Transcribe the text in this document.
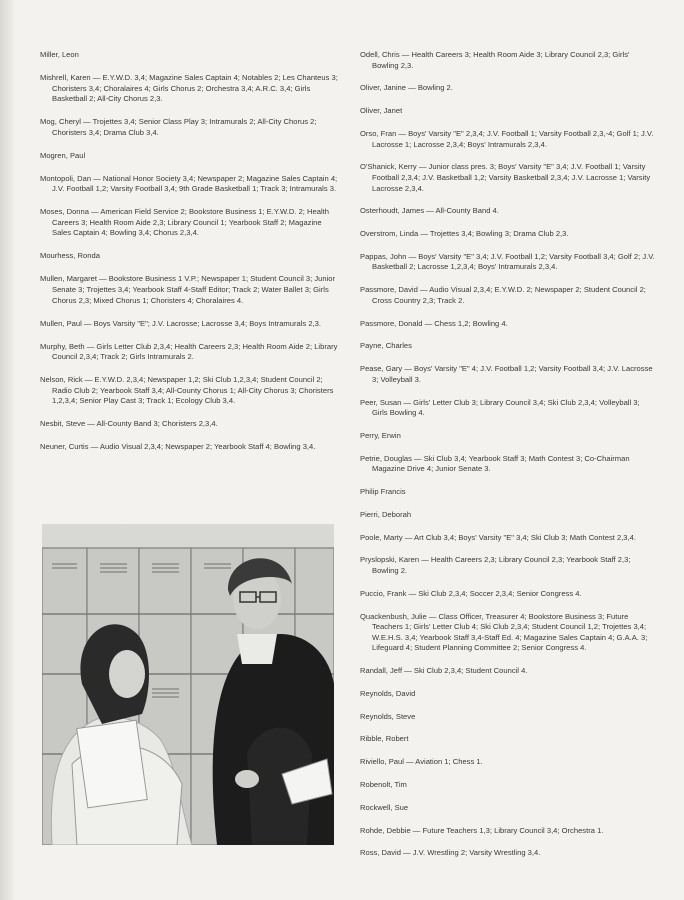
Miller, Leon

Mishrell, Karen — E.Y.W.D. 3,4; Magazine Sales Captain 4; Notables 2; Les Chanteus 3; Choristers 3,4; Choralaires 4; Girls Chorus 2; Orchestra 3,4; A.R.C. 3,4; Girls Basketball 2; All-City Chorus 2,3.

Mog, Cheryl — Trojettes 3,4; Senior Class Play 3; Intramurals 2; All-City Chorus 2; Choristers 3,4; Drama Club 3,4.

Mogren, Paul

Montopoli, Dan — National Honor Society 3,4; Newspaper 2; Magazine Sales Captain 4; J.V. Football 1,2; Varsity Football 3,4; 9th Grade Basketball 1; Track 3; Intramurals 3.

Moses, Donna — American Field Service 2; Bookstore Business 1; E.Y.W.D. 2; Health Careers 3; Health Room Aide 2,3; Library Council 1; Yearbook Staff 2; Magazine Sales Captain 4; Bowling 3,4; Chorus 2,3,4.

Mourhess, Ronda

Mullen, Margaret — Bookstore Business 1 V.P.; Newspaper 1; Student Council 3; Junior Senate 3; Trojettes 3,4; Yearbook Staff 4-Staff Editor; Track 2; Water Ballet 3; Girls Chorus 2,3; Mixed Chorus 1; Choristers 4; Choralaires 4.

Mullen, Paul — Boys Varsity "E"; J.V. Lacrosse; Lacrosse 3,4; Boys Intramurals 2,3.

Murphy, Beth — Girls Letter Club 2,3,4; Health Careers 2,3; Health Room Aide 2; Library Council 2,3,4; Track 2; Girls Intramurals 2.

Nelson, Rick — E.Y.W.D. 2,3,4; Newspaper 1,2; Ski Club 1,2,3,4; Student Council 2; Radio Club 2; Yearbook Staff 3,4; All-County Chorus 1; All-City Chorus 3; Choristers 1,2,3,4; Senior Play Cast 3; Track 1; Ecology Club 3,4.

Nesbit, Steve — All-County Band 3; Choristers 2,3,4.

Neuner, Curtis — Audio Visual 2,3,4; Newspaper 2; Yearbook Staff 4; Bowling 3,4.

Odell, Chris — Health Careers 3; Health Room Aide 3; Library Council 2,3; Girls' Bowling 2,3.

Oliver, Janine — Bowling 2.

Oliver, Janet

Orso, Fran — Boys' Varsity "E" 2,3,4; J.V. Football 1; Varsity Football 2,3,-4; Golf 1; J.V. Lacrosse 1; Lacrosse 2,3,4; Boys' Intramurals 2,3,4.

O'Shanick, Kerry — Junior class pres. 3; Boys' Varsity "E" 3,4; J.V. Football 1; Varsity Football 2,3,4; J.V. Basketball 1,2; Varsity Basketball 2,3,4; J.V. Lacrosse 1; Varsity Lacrosse 2,3,4.

Osterhoudt, James — All-County Band 4.

Overstrom, Linda — Trojettes 3,4; Bowling 3; Drama Club 2,3.

Pappas, John — Boys' Varsity "E" 3,4; J.V. Football 1,2; Varsity Football 3,4; Golf 2; J.V. Basketball 2; Lacrosse 1,2,3,4; Boys' Intramurals 2,3,4.

Passmore, David — Audio Visual 2,3,4; E.Y.W.D. 2; Newspaper 2; Student Council 2; Cross Country 2,3; Track 2.

Passmore, Donald — Chess 1,2; Bowling 4.

Payne, Charles

Pease, Gary — Boys' Varsity "E" 4; J.V. Football 1,2; Varsity Football 3,4; J.V. Lacrosse 3; Volleyball 3.

Peer, Susan — Girls' Letter Club 3; Library Council 3,4; Ski Club 2,3,4; Volleyball 3; Girls Bowling 4.

Perry, Erwin

Petrie, Douglas — Ski Club 3,4; Yearbook Staff 3; Math Contest 3; Co-Chairman Magazine Drive 4; Junior Senate 3.

Philip Francis

Pierri, Deborah

Poole, Marty — Art Club 3,4; Boys' Varsity "E" 3,4; Ski Club 3; Math Contest 2,3,4.

Pryslopski, Karen — Health Careers 2,3; Library Council 2,3; Yearbook Staff 2,3; Bowling 2.

Puccio, Frank — Ski Club 2,3,4; Soccer 2,3,4; Senior Congress 4.

Quackenbush, Julie — Class Officer, Treasurer 4; Bookstore Business 3; Future Teachers 1; Girls' Letter Club 4; Ski Club 2,3,4; Student Council 1,2; Trojettes 3,4; W.E.H.S. 3,4; Yearbook Staff 3,4-Staff Ed. 4; Magazine Sales Captain 4; G.A.A. 3; Lifeguard 4; Student Planning Committee 2; Senior Congress 4.

Randall, Jeff — Ski Club 2,3,4; Student Council 4.

Reynolds, David

Reynolds, Steve

Ribble, Robert

Riviello, Paul — Aviation 1; Chess 1.

Robenolt, Tim

Rockwell, Sue

Rohde, Debbie — Future Teachers 1,3; Library Council 3,4; Orchestra 1.

Ross, David — J.V. Wrestling 2; Varsity Wrestling 3,4.
